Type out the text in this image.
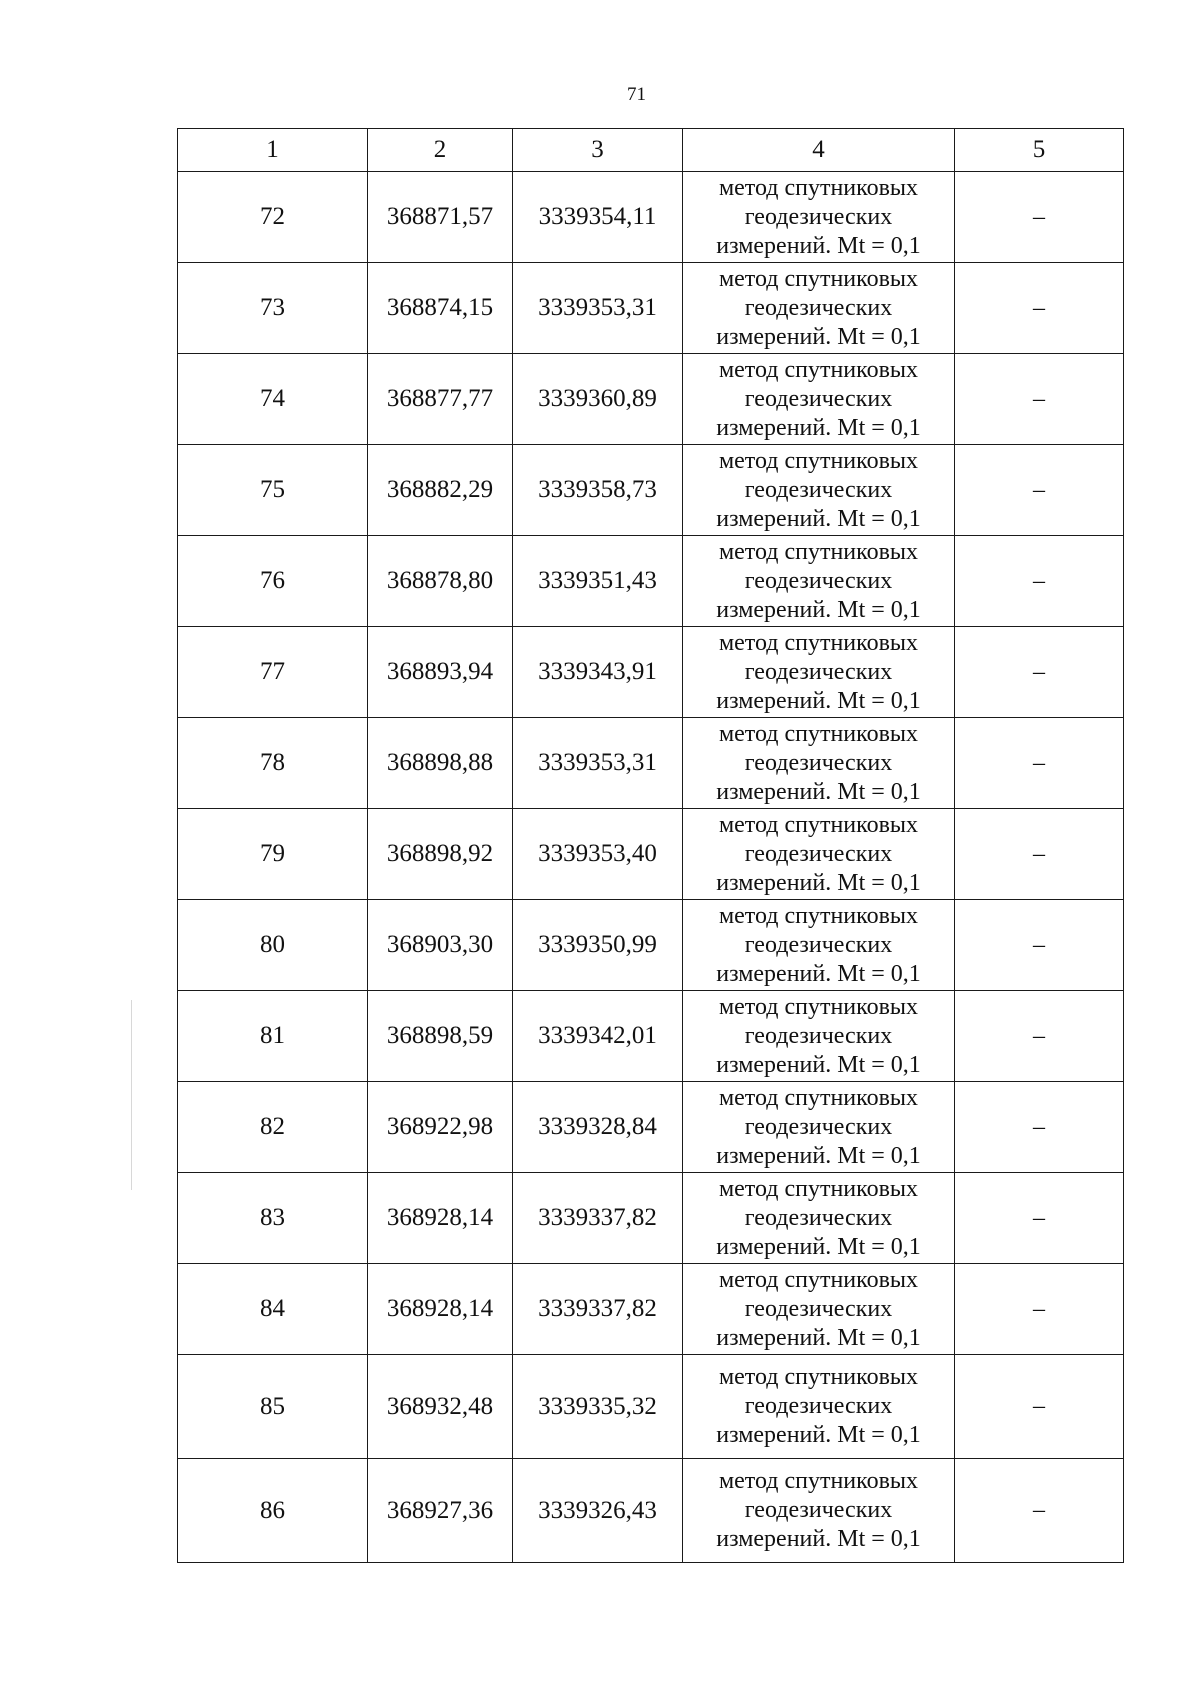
71
1	2	3	4	5
72	368871,57	3339354,11	метод спутниковых
геодезических
измерений. Mt = 0,1	–
73	368874,15	3339353,31	метод спутниковых
геодезических
измерений. Mt = 0,1	–
74	368877,77	3339360,89	метод спутниковых
геодезических
измерений. Mt = 0,1	–
75	368882,29	3339358,73	метод спутниковых
геодезических
измерений. Mt = 0,1	–
76	368878,80	3339351,43	метод спутниковых
геодезических
измерений. Mt = 0,1	–
77	368893,94	3339343,91	метод спутниковых
геодезических
измерений. Mt = 0,1	–
78	368898,88	3339353,31	метод спутниковых
геодезических
измерений. Mt = 0,1	–
79	368898,92	3339353,40	метод спутниковых
геодезических
измерений. Mt = 0,1	–
80	368903,30	3339350,99	метод спутниковых
геодезических
измерений. Mt = 0,1	–
81	368898,59	3339342,01	метод спутниковых
геодезических
измерений. Mt = 0,1	–
82	368922,98	3339328,84	метод спутниковых
геодезических
измерений. Mt = 0,1	–
83	368928,14	3339337,82	метод спутниковых
геодезических
измерений. Mt = 0,1	–
84	368928,14	3339337,82	метод спутниковых
геодезических
измерений. Mt = 0,1	–
85	368932,48	3339335,32	метод спутниковых
геодезических
измерений. Mt = 0,1	–
86	368927,36	3339326,43	метод спутниковых
геодезических
измерений. Mt = 0,1	–
